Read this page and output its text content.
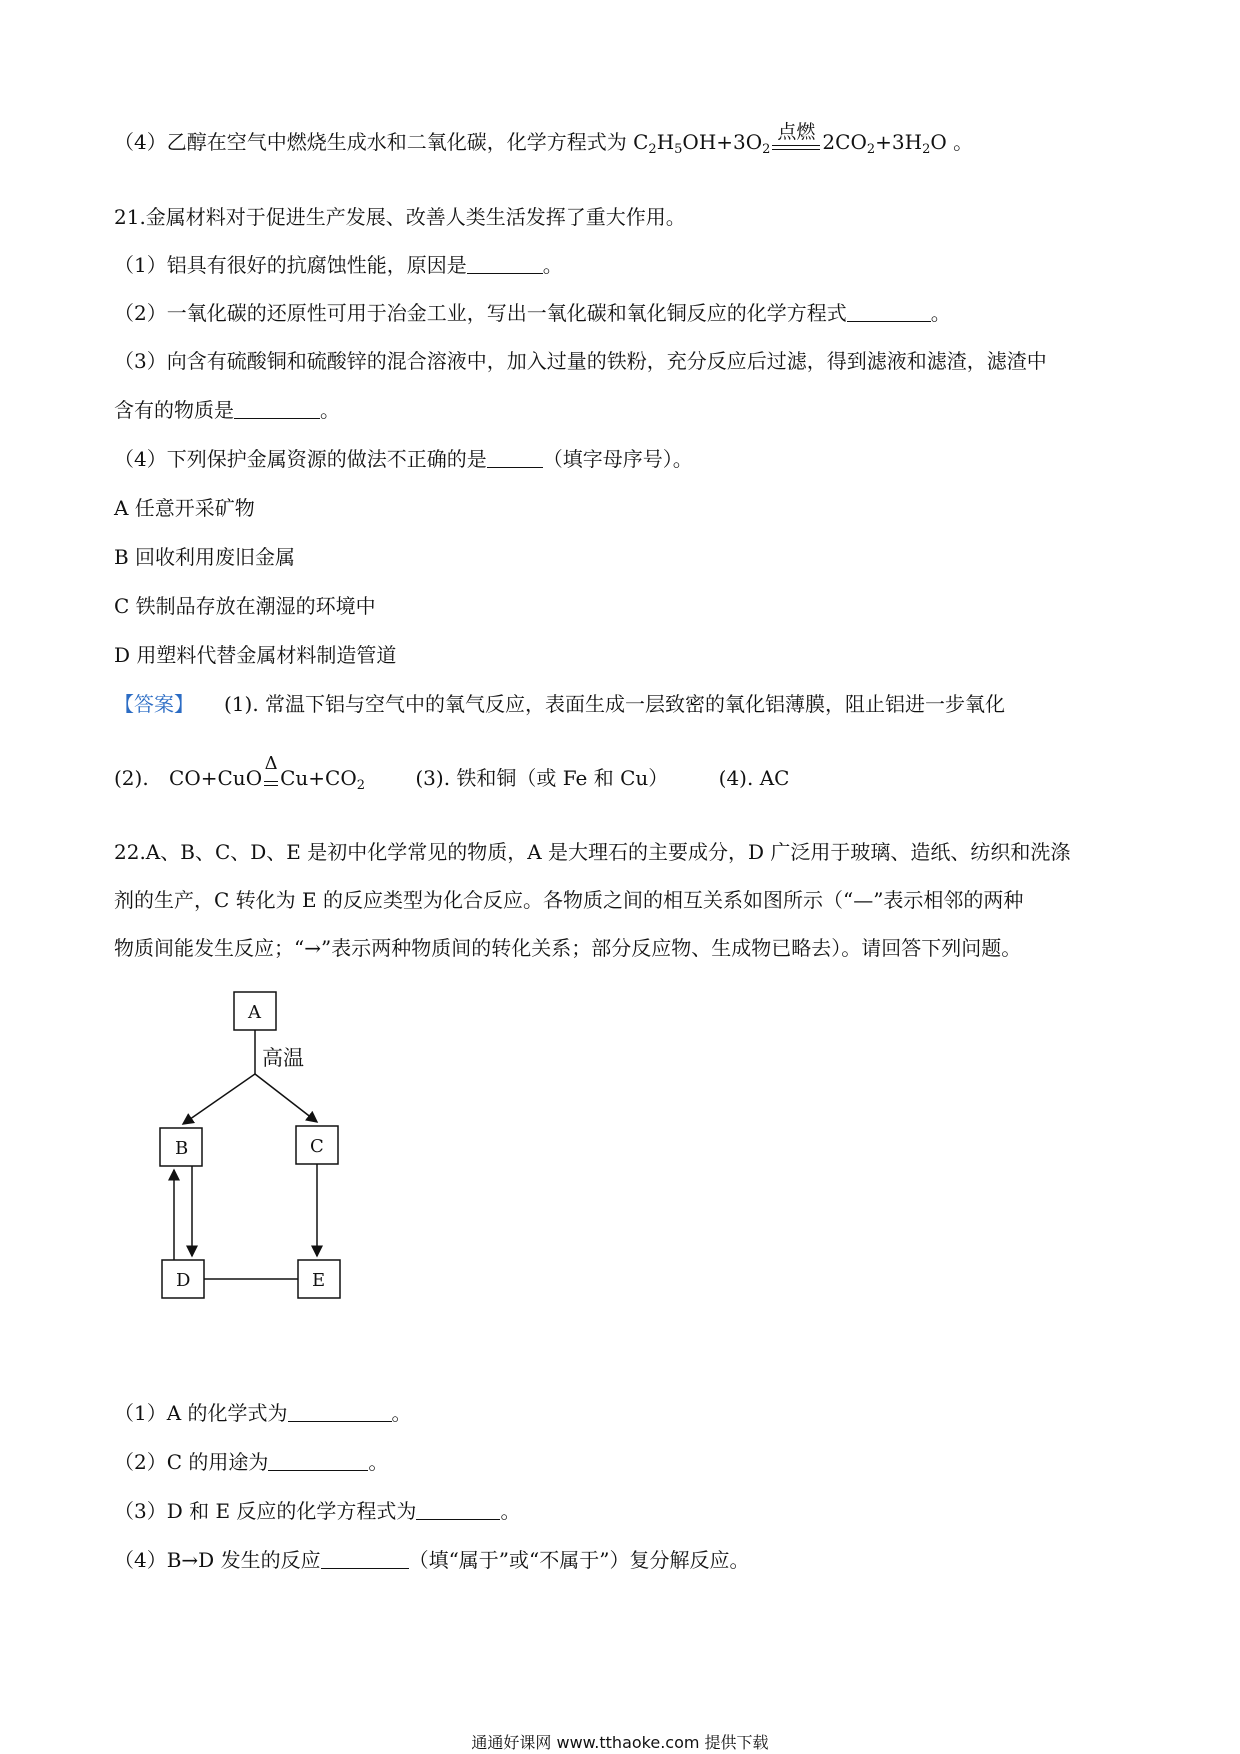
（4）乙醇在空气中燃烧生成水和二氧化碳，化学方程式为 $C_2H_5OH+3O_2$
点燃 $2CO_2+3H_2O$ 。
21.金属材料对于促进生产发展、改善人类生活发挥了重大作用。
（1）铝具有很好的抗腐蚀性能，原因是	。
（2）一氧化碳的还原性可用于冶金工业，写出一氧化碳和氧化铜反应的化学方程式	。
（3）向含有硫酸铜和硫酸锌的混合溶液中，加入过量的铁粉，充分反应后过滤，得到滤液和滤渣，滤渣中
含有的物质是	。
（4）下列保护金属资源的做法不正确的是	（填字母序号）。
A 任意开采矿物
B 回收利用废旧金属
C 铁制品存放在潮湿的环境中
D 用塑料代替金属材料制造管道
【答案】 (1). 常温下铝与空气中的氧气反应，表面生成一层致密的氧化铝薄膜，阻止铝进一步氧化
(2). CO+CuO
Δ
$Cu+CO_2$	(3). 铁和铜（或 Fe 和 Cu）	(4). AC
22.A、B、C、D、E 是初中化学常见的物质，A 是大理石的主要成分，D 广泛用于玻璃、造纸、纺织和洗涤
剂的生产，C 转化为 E 的反应类型为化合反应。各物质之间的相互关系如图所示（“—”表示相邻的两种
物质间能发生反应；“→”表示两种物质间的转化关系；部分反应物、生成物已略去）。请回答下列问题。
A
B	C
D	E
高温
（1）A 的化学式为	。
（2）C 的用途为	。
（3）D 和 E 反应的化学方程式为	。
（4）B→D 发生的反应	（填“属于”或“不属于”）复分解反应。
通通好课网 www.tthaoke.com 提供下载
